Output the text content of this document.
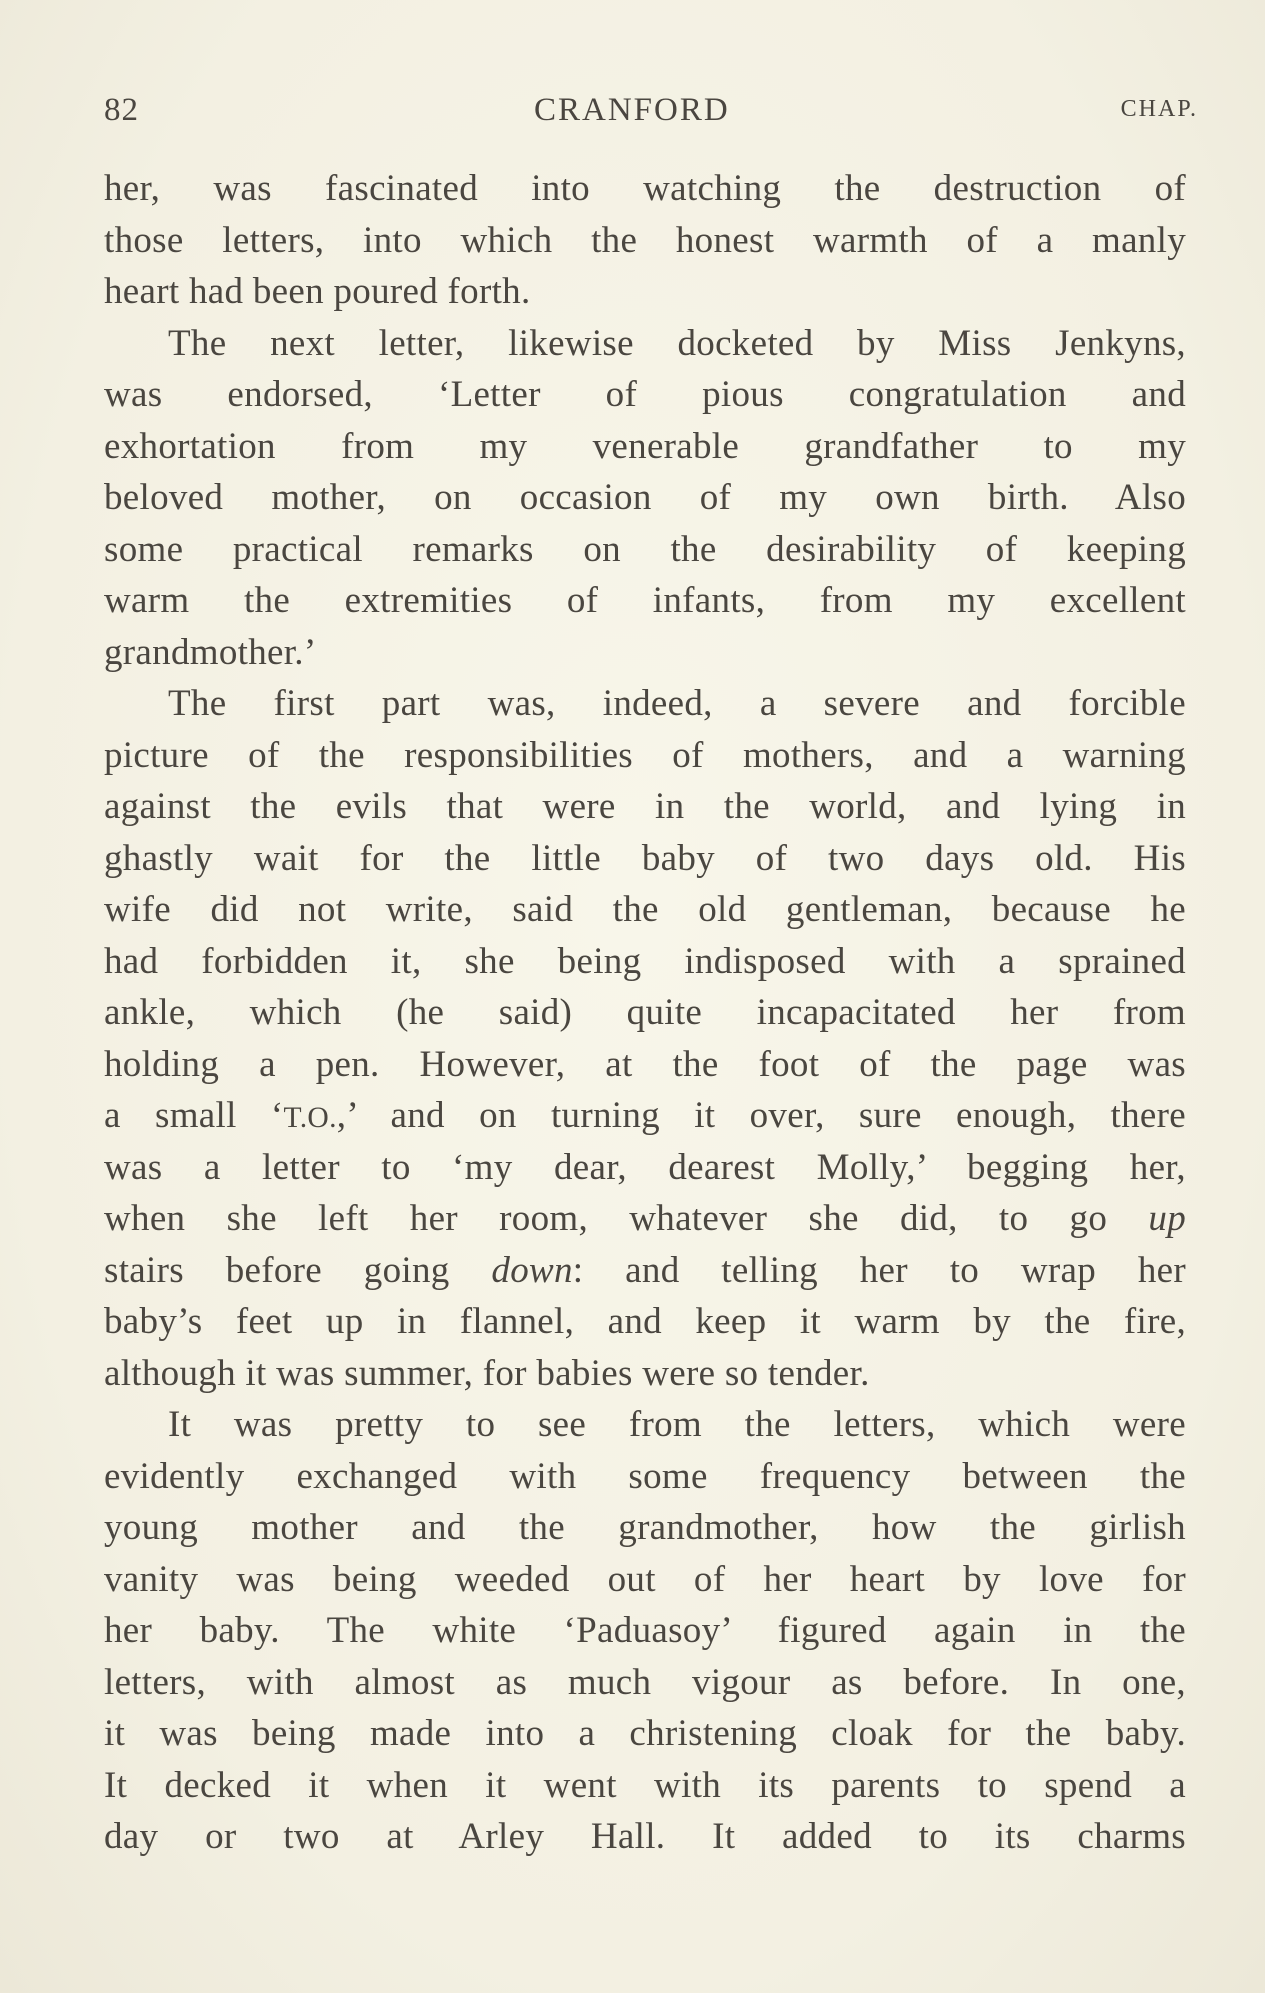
82	CRANFORD	CHAP.
her, was fascinated into watching the destruction of
those letters, into which the honest warmth of a manly
heart had been poured forth.
The next letter, likewise docketed by Miss Jenkyns,
was endorsed, ‘Letter of pious congratulation and
exhortation from my venerable grandfather to my
beloved mother, on occasion of my own birth. Also
some practical remarks on the desirability of keeping
warm the extremities of infants, from my excellent
grandmother.’
The first part was, indeed, a severe and forcible
picture of the responsibilities of mothers, and a warning
against the evils that were in the world, and lying in
ghastly wait for the little baby of two days old. His
wife did not write, said the old gentleman, because he
had forbidden it, she being indisposed with a sprained
ankle, which (he said) quite incapacitated her from
holding a pen. However, at the foot of the page was
a small ‘T.O.,’ and on turning it over, sure enough, there
was a letter to ‘my dear, dearest Molly,’ begging her,
when she left her room, whatever she did, to go up
stairs before going down: and telling her to wrap her
baby’s feet up in flannel, and keep it warm by the fire,
although it was summer, for babies were so tender.
It was pretty to see from the letters, which were
evidently exchanged with some frequency between the
young mother and the grandmother, how the girlish
vanity was being weeded out of her heart by love for
her baby. The white ‘Paduasoy’ figured again in the
letters, with almost as much vigour as before. In one,
it was being made into a christening cloak for the baby.
It decked it when it went with its parents to spend a
day or two at Arley Hall. It added to its charms
